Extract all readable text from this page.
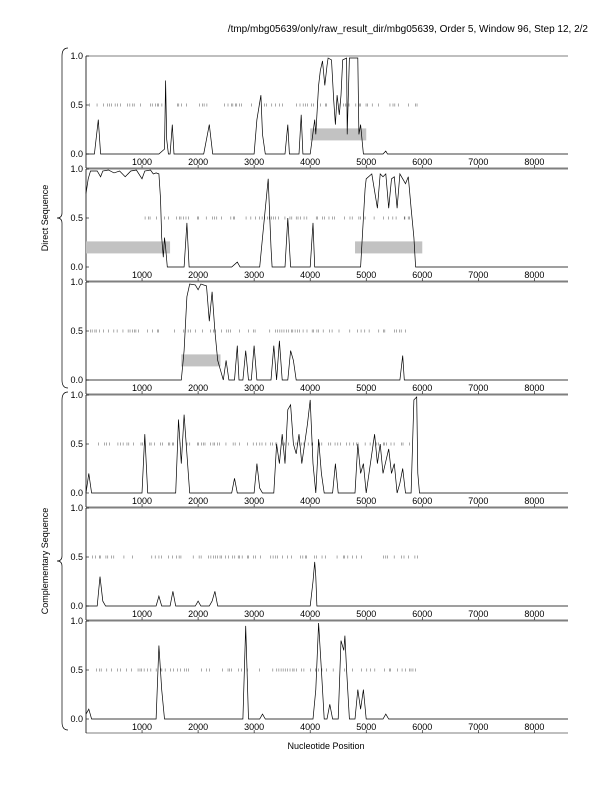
0.0
0.5
1.0
1000	2000	3000	4000	5000	6000	7000	8000
0.0
0.5
1.0
1000	2000	3000	4000	5000	6000	7000	8000
0.0
0.5
1.0
1000	2000	3000	4000	5000	6000	7000	8000
0.0
0.5
1.0
1000	2000	3000	4000	5000	6000	7000	8000
0.0
0.5
1.0
1000	2000	3000	4000	5000	6000	7000	8000
0.0
0.5
1.0
1000	2000	3000	4000	5000	6000	7000	8000
Direct Sequence
Complementary Sequence
Nucleotide Position
/tmp/mbg05639/only/raw_result_dir/mbg05639, Order 5, Window 96, Step 12, 2/2
